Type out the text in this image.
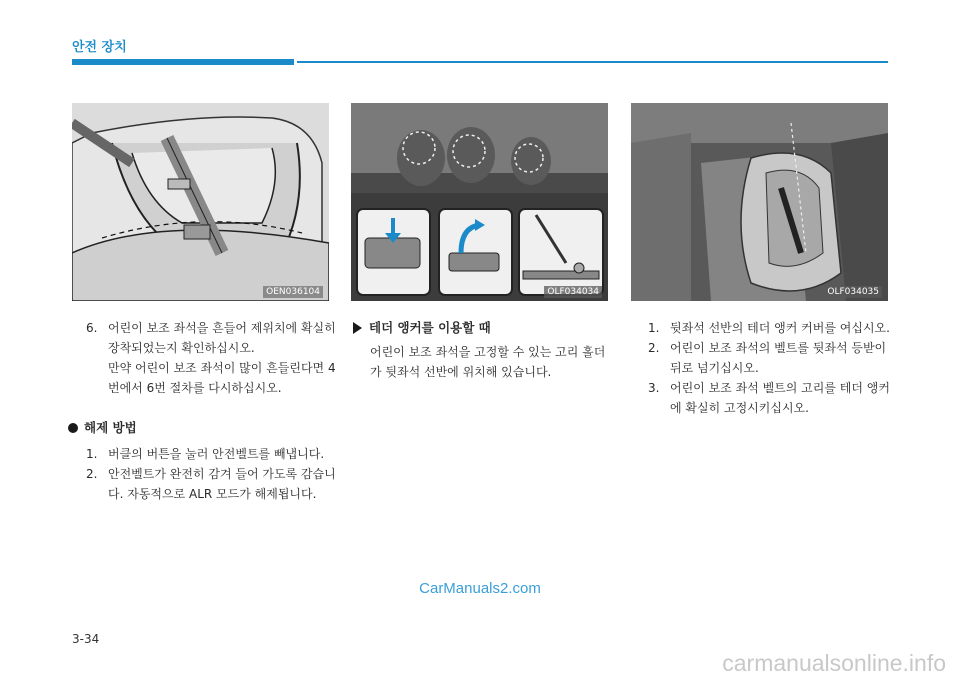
안전 장치
OEN036104	OLF034034	OLF034035

6. 어린이 보조 좌석을 흔들어 제위치에 확실히 장착되었는지 확인하십시오.

만약 어린이 보조 좌석이 많이 흔들린다면 4번에서 6번 절차를 다시하십시오.

해제 방법

1. 버클의 버튼을 눌러 안전벨트를 빼냅니다.

2. 안전벨트가 완전히 감겨 들어 가도록 감습니다. 자동적으로 ALR 모드가 해제됩니다.

테더 앵커를 이용할 때

어린이 보조 좌석을 고정할 수 있는 고리 홀더가 뒷좌석 선반에 위치해 있습니다.

1. 뒷좌석 선반의 테더 앵커 커버를 여십시오.

2. 어린이 보조 좌석의 벨트를 뒷좌석 등받이 뒤로 넘기십시오.

3. 어린이 보조 좌석 벨트의 고리를 테더 앵커에 확실히 고정시키십시오.

CarManuals2.com
3-34
carmanualsonline.info
